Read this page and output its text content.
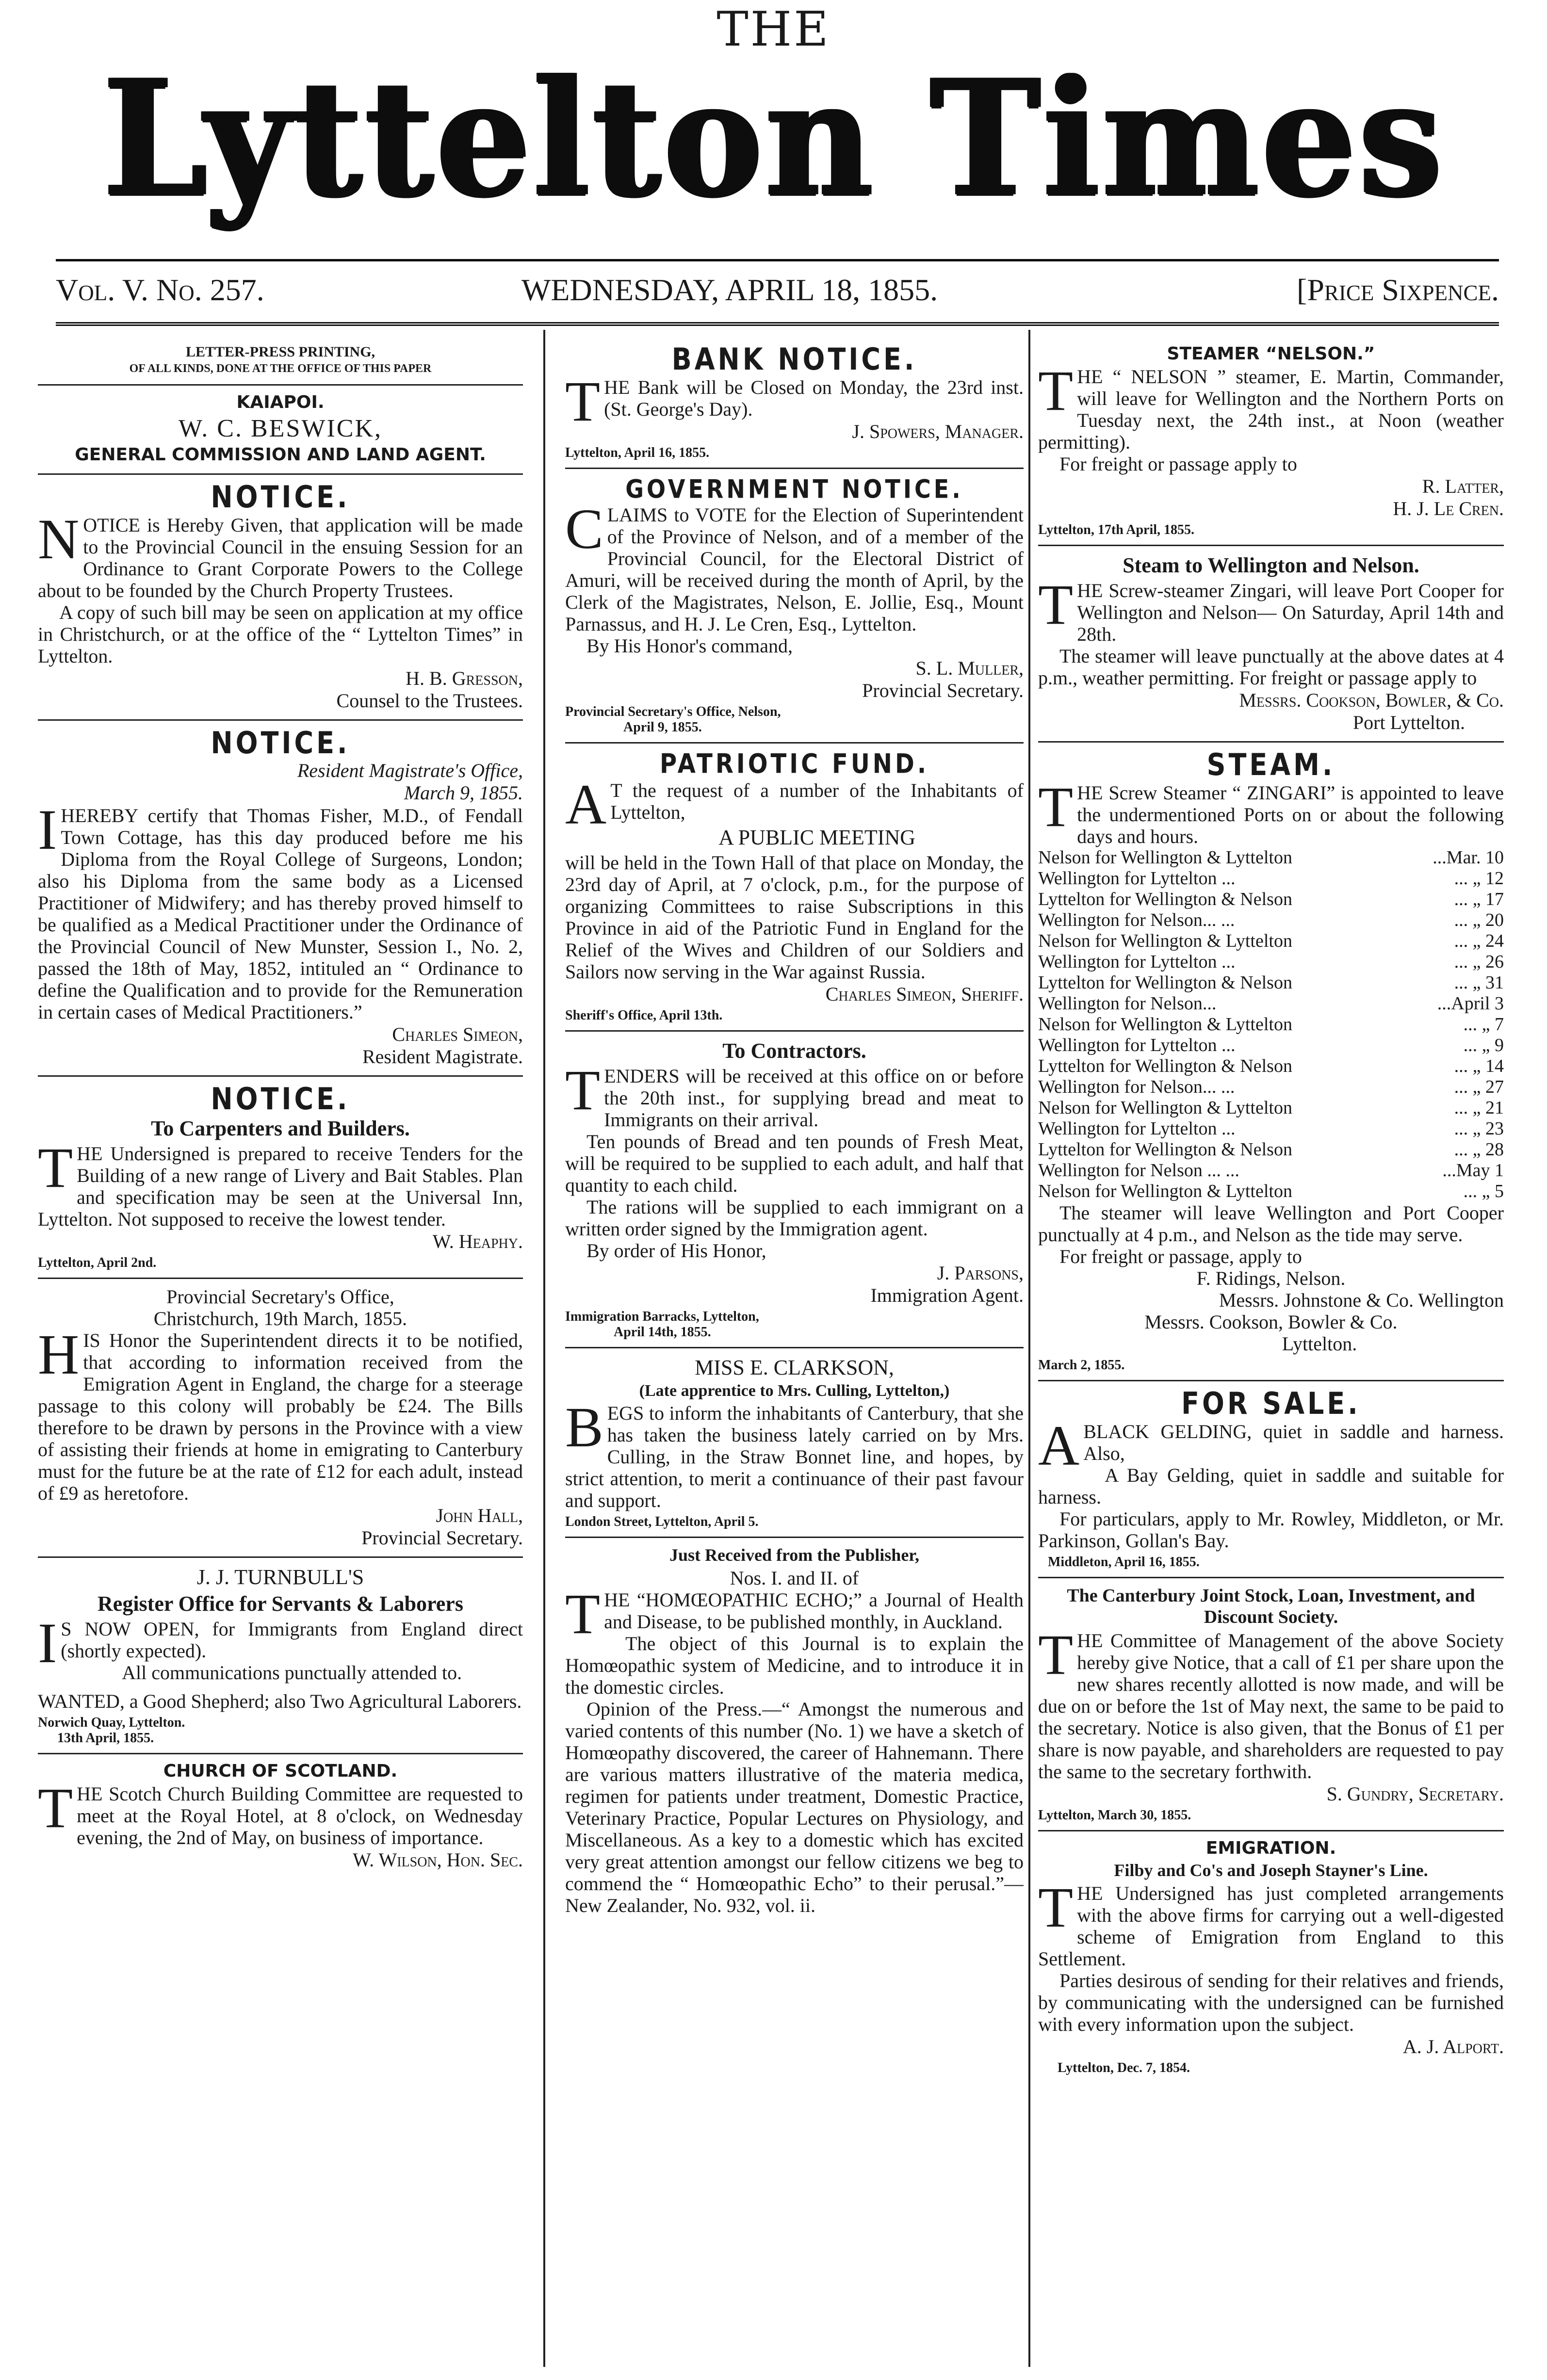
THE
Lyttelton Times
Vol. V. No. 257.	WEDNESDAY, APRIL 18, 1855.	[Price Sixpence.
LETTER-PRESS PRINTING,
OF ALL KINDS, DONE AT THE OFFICE OF THIS PAPER
KAIAPOI.
W. C. BESWICK,
GENERAL COMMISSION AND LAND AGENT.
NOTICE.

NOTICE is Hereby Given, that application will be made to the Provincial Council in the ensuing Session for an Ordinance to Grant Corporate Powers to the College about to be founded by the Church Property Trustees.

A copy of such bill may be seen on application at my office in Christchurch, or at the office of the “ Lyttelton Times” in Lyttelton.

H. B. Gresson,

Counsel to the Trustees.

NOTICE.

Resident Magistrate's Office,

March 9, 1855.

IHEREBY certify that Thomas Fisher, M.D., of Fendall Town Cottage, has this day produced before me his Diploma from the Royal College of Surgeons, London; also his Diploma from the same body as a Licensed Practitioner of Midwifery; and has thereby proved himself to be qualified as a Medical Practitioner under the Ordinance of the Provincial Council of New Munster, Session I., No. 2, passed the 18th of May, 1852, intituled an “ Ordinance to define the Qualification and to provide for the Remuneration in certain cases of Medical Practitioners.”

Charles Simeon,

Resident Magistrate.

NOTICE.
To Carpenters and Builders.

THE Undersigned is prepared to receive Tenders for the Building of a new range of Livery and Bait Stables. Plan and specification may be seen at the Universal Inn, Lyttelton. Not supposed to receive the lowest tender.

W. Heaphy.

Lyttelton, April 2nd.

Provincial Secretary's Office,

Christchurch, 19th March, 1855.

HIS Honor the Superintendent directs it to be notified, that according to information received from the Emigration Agent in England, the charge for a steerage passage to this colony will probably be £24. The Bills therefore to be drawn by persons in the Province with a view of assisting their friends at home in emigrating to Canterbury must for the future be at the rate of £12 for each adult, instead of £9 as heretofore.

John Hall,

Provincial Secretary.

J. J. TURNBULL'S
Register Office for Servants & Laborers

I S NOW OPEN, for Immigrants from England direct (shortly expected).

All communications punctually attended to.

WANTED, a Good Shepherd; also Two Agricultural Laborers.

Norwich Quay, Lyttelton.

13th April, 1855.

CHURCH OF SCOTLAND.

THE Scotch Church Building Committee are requested to meet at the Royal Hotel, at 8 o'clock, on Wednesday evening, the 2nd of May, on business of importance.

W. Wilson, Hon. Sec.

BANK NOTICE.

THE Bank will be Closed on Monday, the 23rd inst. (St. George's Day).

J. Spowers, Manager.

Lyttelton, April 16, 1855.

GOVERNMENT NOTICE.

CLAIMS to VOTE for the Election of Superintendent of the Province of Nelson, and of a member of the Provincial Council, for the Electoral District of Amuri, will be received during the month of April, by the Clerk of the Magistrates, Nelson, E. Jollie, Esq., Mount Parnassus, and H. J. Le Cren, Esq., Lyttelton.

By His Honor's command,

S. L. Muller,

Provincial Secretary.

Provincial Secretary's Office, Nelson,

April 9, 1855.

PATRIOTIC FUND.

A T the request of a number of the Inhabitants of Lyttelton,

A PUBLIC MEETING

will be held in the Town Hall of that place on Monday, the 23rd day of April, at 7 o'clock, p.m., for the purpose of organizing Committees to raise Subscriptions in this Province in aid of the Patriotic Fund in England for the Relief of the Wives and Children of our Soldiers and Sailors now serving in the War against Russia.

Charles Simeon, Sheriff.

Sheriff's Office, April 13th.

To Contractors.

TENDERS will be received at this office on or before the 20th inst., for supplying bread and meat to Immigrants on their arrival.

Ten pounds of Bread and ten pounds of Fresh Meat, will be required to be supplied to each adult, and half that quantity to each child.

The rations will be supplied to each immigrant on a written order signed by the Immigration agent.

By order of His Honor,

J. Parsons,

Immigration Agent.

Immigration Barracks, Lyttelton,

April 14th, 1855.

MISS E. CLARKSON,
(Late apprentice to Mrs. Culling, Lyttelton,)

BEGS to inform the inhabitants of Canterbury, that she has taken the business lately carried on by Mrs. Culling, in the Straw Bonnet line, and hopes, by strict attention, to merit a continuance of their past favour and support.

London Street, Lyttelton, April 5.

Just Received from the Publisher,

Nos. I. and II. of

THE “HOMŒOPATHIC ECHO;” a Journal of Health and Disease, to be published monthly, in Auckland.

The object of this Journal is to explain the Homœopathic system of Medicine, and to introduce it in the domestic circles.

Opinion of the Press.—“ Amongst the numerous and varied contents of this number (No. 1) we have a sketch of Homœopathy discovered, the career of Hahnemann. There are various matters illustrative of the materia medica, regimen for patients under treatment, Domestic Practice, Veterinary Practice, Popular Lectures on Physiology, and Miscellaneous. As a key to a domestic which has excited very great attention amongst our fellow citizens we beg to commend the “ Homœopathic Echo” to their perusal.”—New Zealander, No. 932, vol. ii.

STEAMER “NELSON.”

THE “ NELSON ” steamer, E. Martin, Commander, will leave for Wellington and the Northern Ports on Tuesday next, the 24th inst., at Noon (weather permitting).

For freight or passage apply to

R. Latter,

H. J. Le Cren.

Lyttelton, 17th April, 1855.

Steam to Wellington and Nelson.

THE Screw-steamer Zingari, will leave Port Cooper for Wellington and Nelson— On Saturday, April 14th and 28th.

The steamer will leave punctually at the above dates at 4 p.m., weather permitting. For freight or passage apply to

Messrs. Cookson, Bowler, & Co.

Port Lyttelton.

STEAM.

THE Screw Steamer “ ZINGARI” is appointed to leave the undermentioned Ports on or about the following days and hours.

Nelson for Wellington & Lyttelton	...Mar. 10
Wellington for Lyttelton ...	... „ 12
Lyttelton for Wellington & Nelson	... „ 17
Wellington for Nelson... ...	... „ 20
Nelson for Wellington & Lyttelton	... „ 24
Wellington for Lyttelton ...	... „ 26
Lyttelton for Wellington & Nelson	... „ 31
Wellington for Nelson...	...April 3
Nelson for Wellington & Lyttelton	... „ 7
Wellington for Lyttelton ...	... „ 9
Lyttelton for Wellington & Nelson	... „ 14
Wellington for Nelson... ...	... „ 27
Nelson for Wellington & Lyttelton	... „ 21
Wellington for Lyttelton ...	... „ 23
Lyttelton for Wellington & Nelson	... „ 28
Wellington for Nelson ... ...	...May 1
Nelson for Wellington & Lyttelton	... „ 5

The steamer will leave Wellington and Port Cooper punctually at 4 p.m., and Nelson as the tide may serve.

For freight or passage, apply to

F. Ridings, Nelson.

Messrs. Johnstone & Co. Wellington

Messrs. Cookson, Bowler & Co.

Lyttelton.

March 2, 1855.

FOR SALE.

ABLACK GELDING, quiet in saddle and harness. Also,

A Bay Gelding, quiet in saddle and suitable for harness.

For particulars, apply to Mr. Rowley, Middleton, or Mr. Parkinson, Gollan's Bay.

Middleton, April 16, 1855.

The Canterbury Joint Stock, Loan, Investment, and Discount Society.

THE Committee of Management of the above Society hereby give Notice, that a call of £1 per share upon the new shares recently allotted is now made, and will be due on or before the 1st of May next, the same to be paid to the secretary. Notice is also given, that the Bonus of £1 per share is now payable, and shareholders are requested to pay the same to the secretary forthwith.

S. Gundry, Secretary.

Lyttelton, March 30, 1855.

EMIGRATION.
Filby and Co's and Joseph Stayner's Line.

THE Undersigned has just completed arrangements with the above firms for carrying out a well-digested scheme of Emigration from England to this Settlement.

Parties desirous of sending for their relatives and friends, by communicating with the undersigned can be furnished with every information upon the subject.

A. J. Alport.

Lyttelton, Dec. 7, 1854.
